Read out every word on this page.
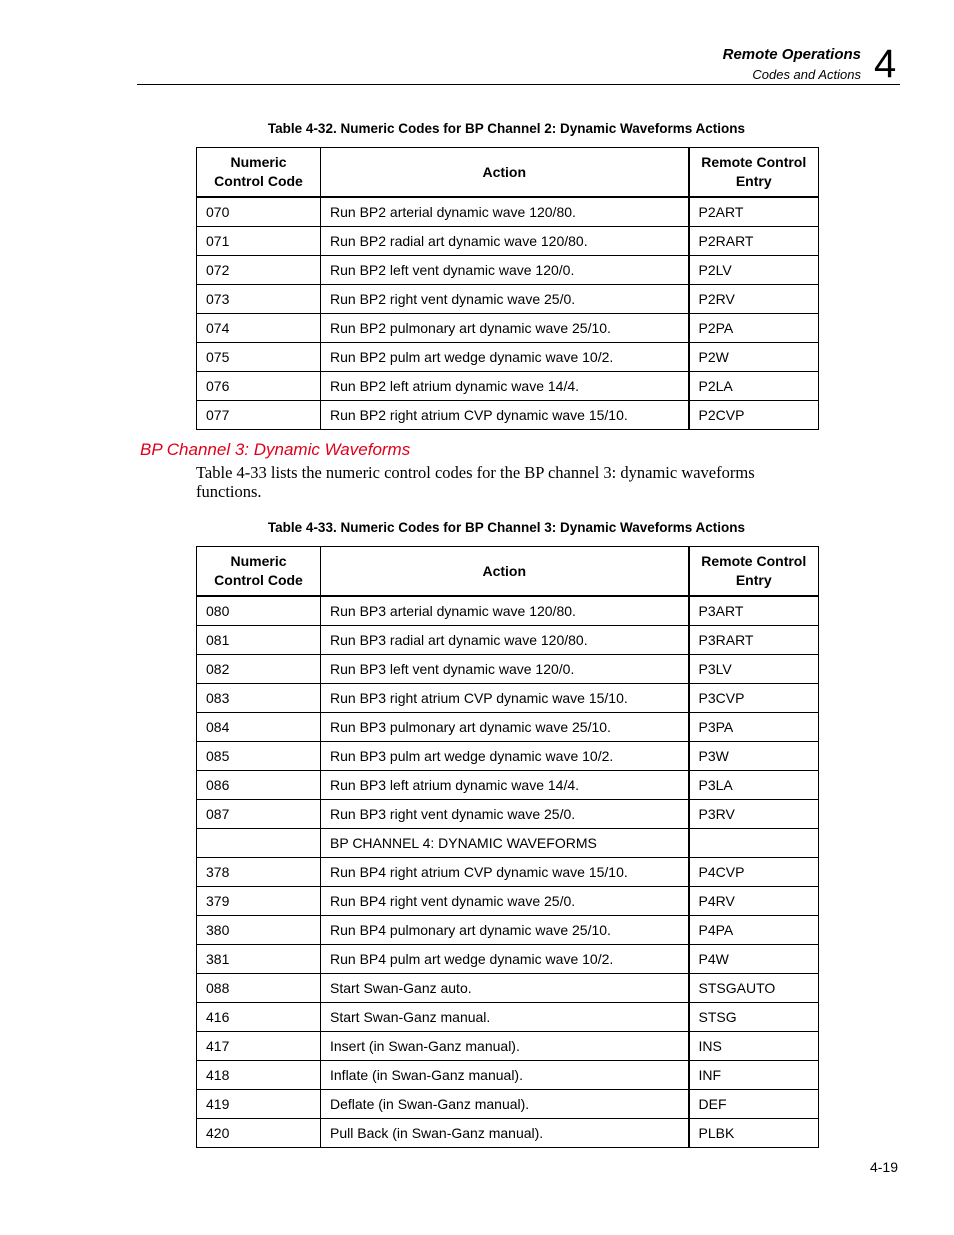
Remote Operations
Codes and Actions 4
Table 4-32. Numeric Codes for BP Channel 2: Dynamic Waveforms Actions
Numeric
Control Code	Action	Remote Control
Entry
070	Run BP2 arterial dynamic wave 120/80.	P2ART
071	Run BP2 radial art dynamic wave 120/80.	P2RART
072	Run BP2 left vent dynamic wave 120/0.	P2LV
073	Run BP2 right vent dynamic wave 25/0.	P2RV
074	Run BP2 pulmonary art dynamic wave 25/10.	P2PA
075	Run BP2 pulm art wedge dynamic wave 10/2.	P2W
076	Run BP2 left atrium dynamic wave 14/4.	P2LA
077	Run BP2 right atrium CVP dynamic wave 15/10.	P2CVP
BP Channel 3: Dynamic Waveforms
Table 4-33 lists the numeric control codes for the BP channel 3: dynamic waveforms functions.
Table 4-33. Numeric Codes for BP Channel 3: Dynamic Waveforms Actions
Numeric
Control Code	Action	Remote Control
Entry
080	Run BP3 arterial dynamic wave 120/80.	P3ART
081	Run BP3 radial art dynamic wave 120/80.	P3RART
082	Run BP3 left vent dynamic wave 120/0.	P3LV
083	Run BP3 right atrium CVP dynamic wave 15/10.	P3CVP
084	Run BP3 pulmonary art dynamic wave 25/10.	P3PA
085	Run BP3 pulm art wedge dynamic wave 10/2.	P3W
086	Run BP3 left atrium dynamic wave 14/4.	P3LA
087	Run BP3 right vent dynamic wave 25/0.	P3RV
	BP CHANNEL 4: DYNAMIC WAVEFORMS	
378	Run BP4 right atrium CVP dynamic wave 15/10.	P4CVP
379	Run BP4 right vent dynamic wave 25/0.	P4RV
380	Run BP4 pulmonary art dynamic wave 25/10.	P4PA
381	Run BP4 pulm art wedge dynamic wave 10/2.	P4W
088	Start Swan-Ganz auto.	STSGAUTO
416	Start Swan-Ganz manual.	STSG
417	Insert (in Swan-Ganz manual).	INS
418	Inflate (in Swan-Ganz manual).	INF
419	Deflate (in Swan-Ganz manual).	DEF
420	Pull Back (in Swan-Ganz manual).	PLBK
4-19
